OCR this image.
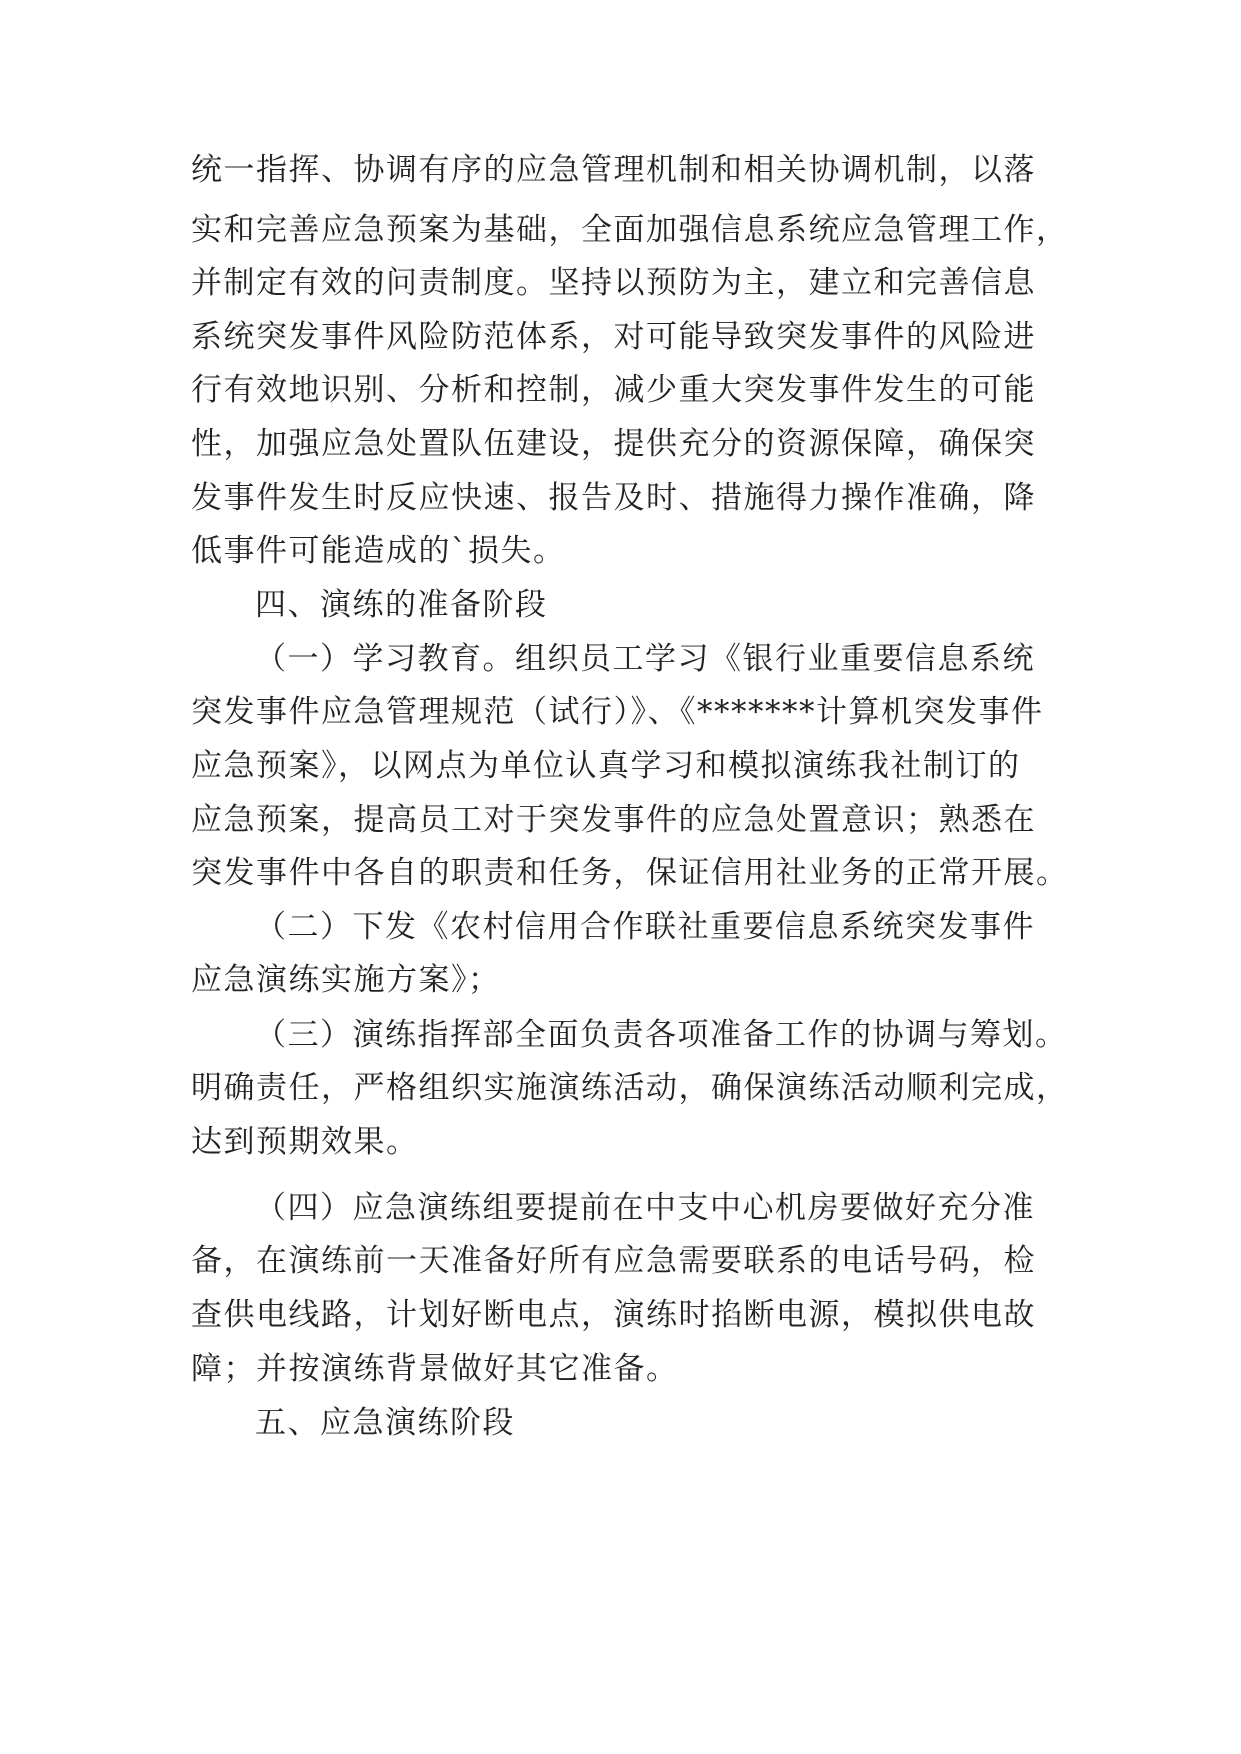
统一指挥、协调有序的应急管理机制和相关协调机制，以落
实和完善应急预案为基础，全面加强信息系统应急管理工作，
并制定有效的问责制度。坚持以预防为主，建立和完善信息
系统突发事件风险防范体系，对可能导致突发事件的风险进
行有效地识别、分析和控制，减少重大突发事件发生的可能
性，加强应急处置队伍建设，提供充分的资源保障，确保突
发事件发生时反应快速、报告及时、措施得力操作准确，降
低事件可能造成的`损失。
四、演练的准备阶段
（一）学习教育。组织员工学习《银行业重要信息系统
突发事件应急管理规范（试行）》、《*******计算机突发事件
应急预案》，以网点为单位认真学习和模拟演练我社制订的
应急预案，提高员工对于突发事件的应急处置意识；熟悉在
突发事件中各自的职责和任务，保证信用社业务的正常开展。
（二）下发《农村信用合作联社重要信息系统突发事件
应急演练实施方案》；
（三）演练指挥部全面负责各项准备工作的协调与筹划。
明确责任，严格组织实施演练活动，确保演练活动顺利完成，
达到预期效果。
（四）应急演练组要提前在中支中心机房要做好充分准
备，在演练前一天准备好所有应急需要联系的电话号码，检
查供电线路，计划好断电点，演练时掐断电源，模拟供电故
障；并按演练背景做好其它准备。
五、应急演练阶段
